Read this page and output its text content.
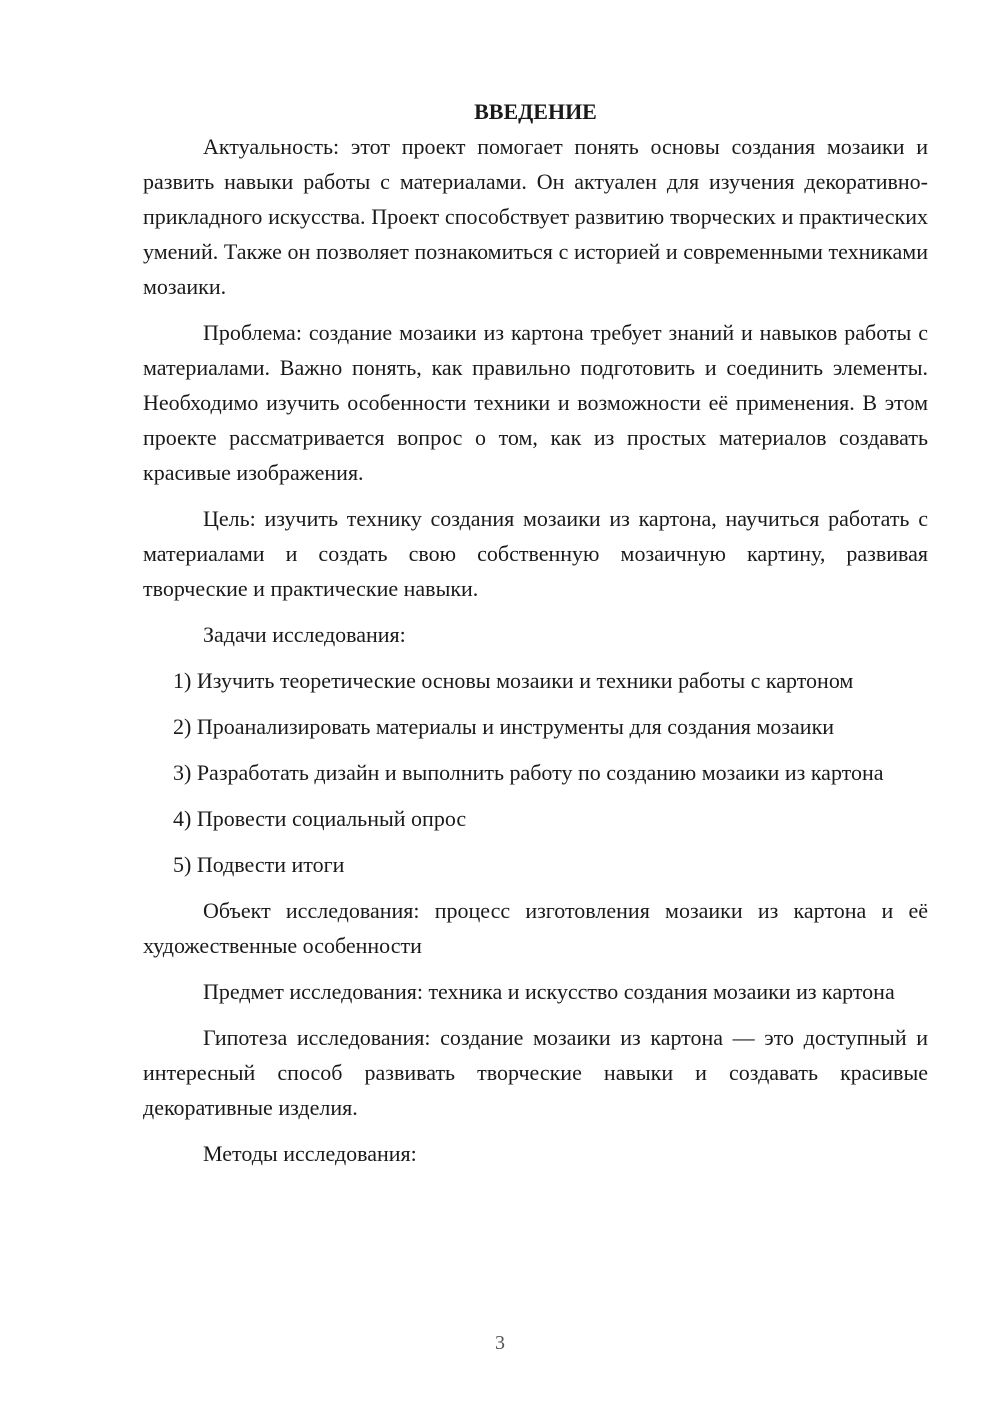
ВВЕДЕНИЕ

Актуальность: этот проект помогает понять основы создания мозаики и развить навыки работы с материалами. Он актуален для изучения декоративно-прикладного искусства. Проект способствует развитию творческих и практических умений. Также он позволяет познакомиться с историей и современными техниками мозаики.

Проблема: создание мозаики из картона требует знаний и навыков работы с материалами. Важно понять, как правильно подготовить и соединить элементы. Необходимо изучить особенности техники и возможности её применения. В этом проекте рассматривается вопрос о том, как из простых материалов создавать красивые изображения.

Цель: изучить технику создания мозаики из картона, научиться работать с материалами и создать свою собственную мозаичную картину, развивая творческие и практические навыки.

Задачи исследования:

1) Изучить теоретические основы мозаики и техники работы с картоном

2) Проанализировать материалы и инструменты для создания мозаики

3) Разработать дизайн и выполнить работу по созданию мозаики из картона

4) Провести социальный опрос

5) Подвести итоги

Объект исследования: процесс изготовления мозаики из картона и её художественные особенности

Предмет исследования: техника и искусство создания мозаики из картона

Гипотеза исследования: создание мозаики из картона — это доступный и интересный способ развивать творческие навыки и создавать красивые декоративные изделия.

Методы исследования:

3
